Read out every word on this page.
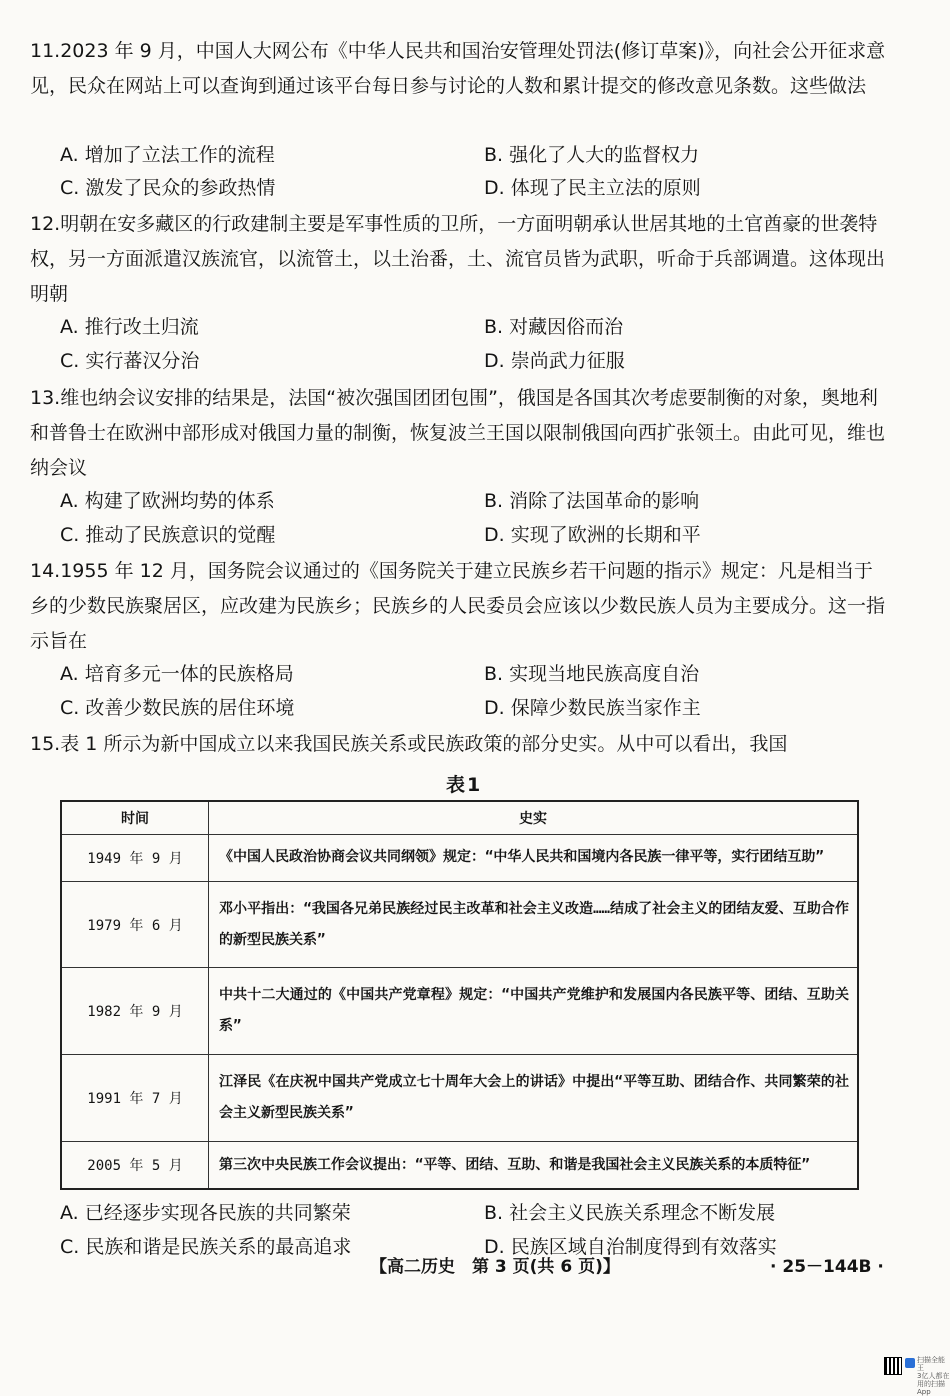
11.2023 年 9 月，中国人大网公布《中华人民共和国治安管理处罚法(修订草案)》，向社会公开征求意见，民众在网站上可以查询到通过该平台每日参与讨论的人数和累计提交的修改意见条数。这些做法
A. 增加了立法工作的流程	B. 强化了人大的监督权力
C. 激发了民众的参政热情	D. 体现了民主立法的原则
12.明朝在安多藏区的行政建制主要是军事性质的卫所，一方面明朝承认世居其地的土官酋豪的世袭特权，另一方面派遣汉族流官，以流管土，以土治番，土、流官员皆为武职，听命于兵部调遣。这体现出明朝
A. 推行改土归流	B. 对藏因俗而治
C. 实行蕃汉分治	D. 崇尚武力征服
13.维也纳会议安排的结果是，法国“被次强国团团包围”，俄国是各国其次考虑要制衡的对象，奥地利和普鲁士在欧洲中部形成对俄国力量的制衡，恢复波兰王国以限制俄国向西扩张领土。由此可见，维也纳会议
A. 构建了欧洲均势的体系	B. 消除了法国革命的影响
C. 推动了民族意识的觉醒	D. 实现了欧洲的长期和平
14.1955 年 12 月，国务院会议通过的《国务院关于建立民族乡若干问题的指示》规定：凡是相当于乡的少数民族聚居区，应改建为民族乡；民族乡的人民委员会应该以少数民族人员为主要成分。这一指示旨在
A. 培育多元一体的民族格局	B. 实现当地民族高度自治
C. 改善少数民族的居住环境	D. 保障少数民族当家作主
15.表 1 所示为新中国成立以来我国民族关系或民族政策的部分史实。从中可以看出，我国
表1
时间	史实
1949 年 9 月	《中国人民政治协商会议共同纲领》规定：“中华人民共和国境内各民族一律平等，实行团结互助”
1979 年 6 月	邓小平指出：“我国各兄弟民族经过民主改革和社会主义改造……结成了社会主义的团结友爱、互助合作的新型民族关系”
1982 年 9 月	中共十二大通过的《中国共产党章程》规定：“中国共产党维护和发展国内各民族平等、团结、互助关系”
1991 年 7 月	江泽民《在庆祝中国共产党成立七十周年大会上的讲话》中提出“平等互助、团结合作、共同繁荣的社会主义新型民族关系”
2005 年 5 月	第三次中央民族工作会议提出：“平等、团结、互助、和谐是我国社会主义民族关系的本质特征”
A. 已经逐步实现各民族的共同繁荣	B. 社会主义民族关系理念不断发展
C. 民族和谐是民族关系的最高追求	D. 民族区域自治制度得到有效落实
【高二历史　第 3 页(共 6 页)】	· 25－144B ·
扫描全能王
3亿人都在用的扫描App
